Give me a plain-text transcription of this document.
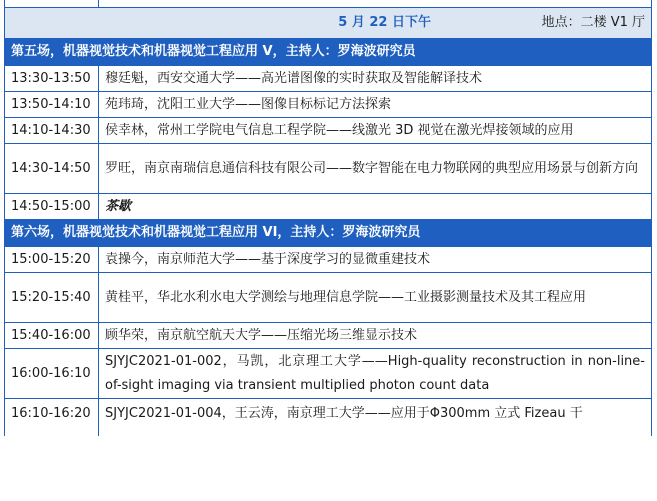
5 月 22 日下午 地点：二楼 V1 厅	

第五场，机器视觉技术和机器视觉工程应用 V，主持人：罗海波研究员	
13:30-13:50	穆廷魁，西安交通大学——高光谱图像的实时获取及智能解译技术
13:50-14:10	苑玮琦，沈阳工业大学——图像目标标记方法探索
14:10-14:30	侯幸林，常州工学院电气信息工程学院——线激光 3D 视觉在激光焊接领域的应用
14:30-14:50	罗旺，南京南瑞信息通信科技有限公司——数字智能在电力物联网的典型应用场景与创新方向
14:50-15:00	茶歇
第六场，机器视觉技术和机器视觉工程应用 VI，主持人：罗海波研究员	
15:00-15:20	袁操今，南京师范大学——基于深度学习的显微重建技术
15:20-15:40	黄桂平，华北水利水电大学测绘与地理信息学院——工业摄影测量技术及其工程应用
15:40-16:00	顾华荣，南京航空航天大学——压缩光场三维显示技术
16:00-16:10	SJYJC2021-01-002，马凯，北京理工大学——High-quality reconstruction in non-line-of-sight imaging via transient multiplied photon count data
16:10-16:20	SJYJC2021-01-004，王云涛，南京理工大学——应用于Φ300mm 立式 Fizeau 干
